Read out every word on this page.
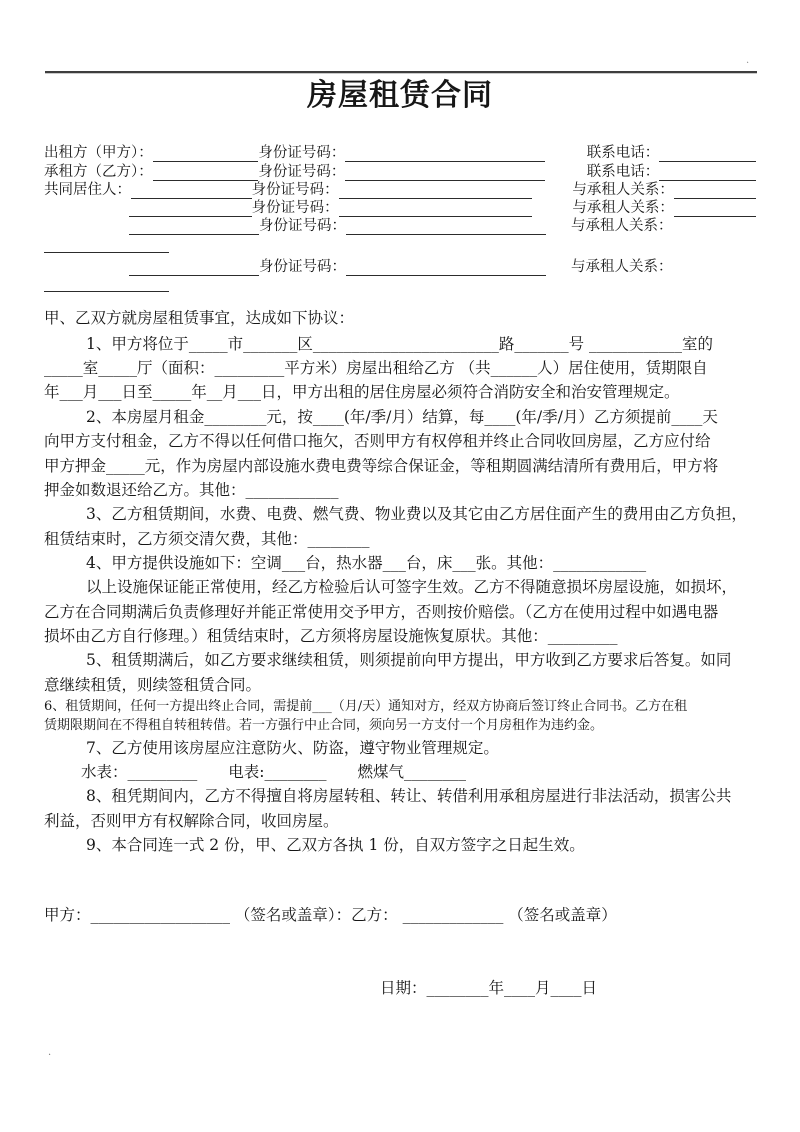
.
.
房屋租赁合同
出租方（甲方）：	身份证号码：	联系电话：
承租方（乙方）：	身份证号码：	联系电话：
共同居住人：	身份证号码：	与承租人关系：
身份证号码：	与承租人关系：
身份证号码：	与承租人关系：
身份证号码：	与承租人关系：
甲、乙双方就房屋租赁事宜，达成如下协议：
1、甲方将位于_____市_______区________________________路_______号 ____________室的
_____室_____厅（面积：_________平方米）房屋出租给乙方 （共______人）居住使用，赁期限自
年___月___日至_____年__月___日，甲方出租的居住房屋必须符合消防安全和治安管理规定。
2、本房屋月租金________元，按____(年/季/月）结算，每____(年/季/月）乙方须提前____天
向甲方支付租金，乙方不得以任何借口拖欠，否则甲方有权停租并终止合同收回房屋，乙方应付给
甲方押金_____元，作为房屋内部设施水费电费等综合保证金，等租期圆满结清所有费用后，甲方将
押金如数退还给乙方。其他：____________
3、乙方租赁期间，水费、电费、燃气费、物业费以及其它由乙方居住面产生的费用由乙方负担，
租赁结束时，乙方须交清欠费，其他：________
4、甲方提供设施如下：空调___台，热水器___台，床___张。其他：____________
以上设施保证能正常使用，经乙方检验后认可签字生效。乙方不得随意损坏房屋设施，如损坏，
乙方在合同期满后负责修理好并能正常使用交予甲方，否则按价赔偿。（乙方在使用过程中如遇电器
损坏由乙方自行修理。）租赁结束时，乙方须将房屋设施恢复原状。其他：_________
5、租赁期满后，如乙方要求继续租赁，则须提前向甲方提出，甲方收到乙方要求后答复。如同
意继续租赁，则续签租赁合同。
6、租赁期间，任何一方提出终止合同，需提前___（月/天）通知对方，经双方协商后签订终止合同书。乙方在租
赁期限期间在不得租自转租转借。若一方强行中止合同，须向另一方支付一个月房租作为违约金。
7、乙方使用该房屋应注意防火、防盗，遵守物业管理规定。
水表：_________　　电表:________　　燃煤气________
8、租凭期间内，乙方不得擅自将房屋转租、转让、转借利用承租房屋进行非法活动，损害公共
利益，否则甲方有权解除合同，收回房屋。
9、本合同连一式 2 份，甲、乙双方各执 1 份，自双方签字之日起生效。
甲方：__________________ （签名或盖章）：乙方： _____________ （签名或盖章）
日期：________年____月____日
